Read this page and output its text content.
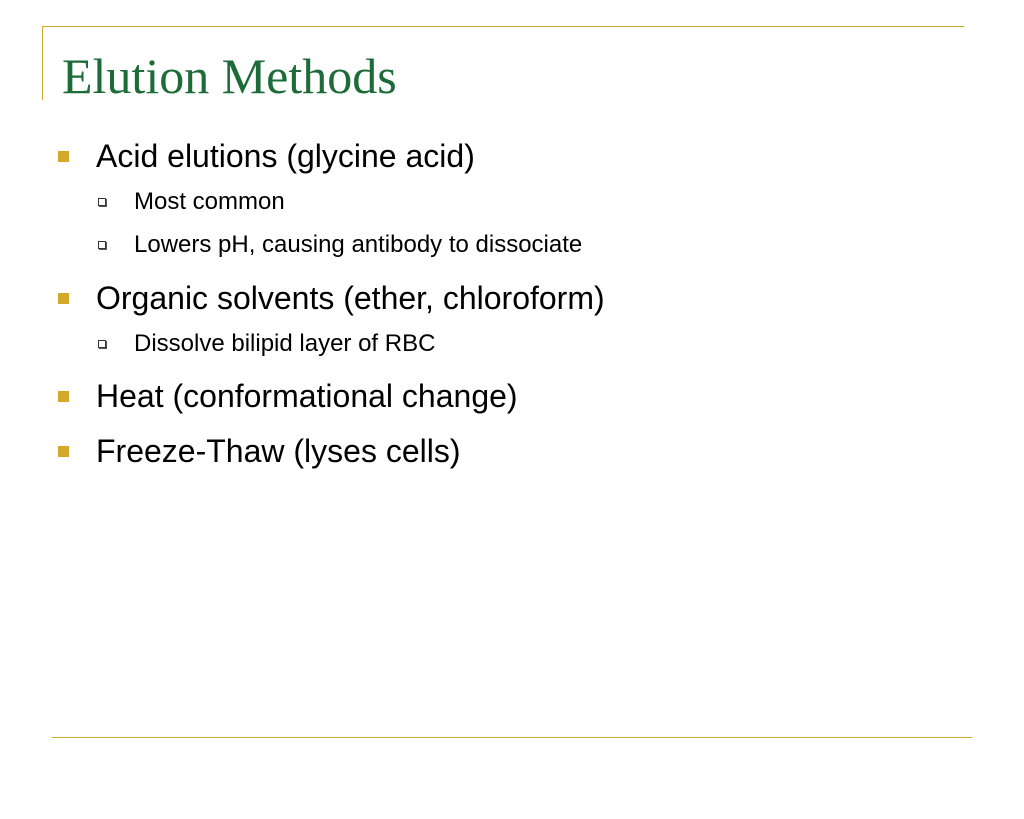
Elution Methods
Acid elutions (glycine acid)
Most common
Lowers pH, causing antibody to dissociate
Organic solvents (ether, chloroform)
Dissolve bilipid layer of RBC
Heat (conformational change)
Freeze-Thaw (lyses cells)
